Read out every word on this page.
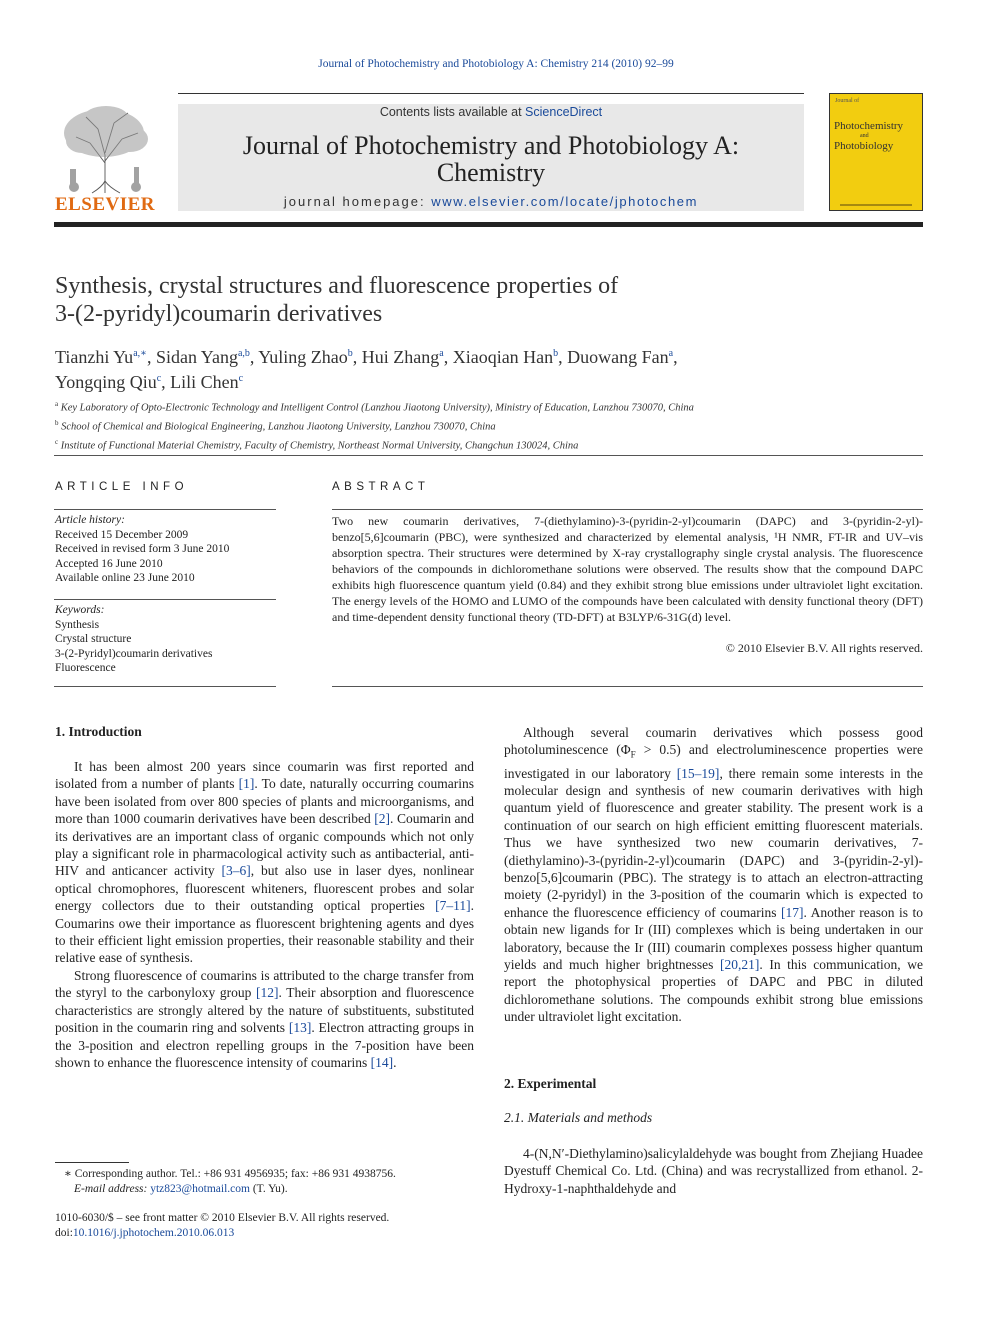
Journal of Photochemistry and Photobiology A: Chemistry 214 (2010) 92–99
ELSEVIER
Contents lists available at ScienceDirect
Journal of Photochemistry and Photobiology A:
Chemistry
journal homepage: www.elsevier.com/locate/jphotochem
Journal of
Photochemistry
and
Photobiology
Synthesis, crystal structures and fluorescence properties of
3-(2-pyridyl)coumarin derivatives
Tianzhi $Yu^{a,∗}$, Sidan Yang$^{a,b}$, Yuling Zhao$^b$, Hui Zhang$^a$, Xiaoqian Han$^b$, Duowang Fan$^a$,
Yongqing Qiu$^c$, Lili Chen$^c$
$^a$ Key Laboratory of Opto-Electronic Technology and Intelligent Control (Lanzhou Jiaotong University), Ministry of Education, Lanzhou 730070, China
$^b$ School of Chemical and Biological Engineering, Lanzhou Jiaotong University, Lanzhou 730070, China
$^c$ Institute of Functional Material Chemistry, Faculty of Chemistry, Northeast Normal University, Changchun 130024, China
ARTICLE INFO	ABSTRACT
Article history:
Received 15 December 2009
Received in revised form 3 June 2010
Accepted 16 June 2010
Available online 23 June 2010
Keywords:
Synthesis
Crystal structure
3-(2-Pyridyl)coumarin derivatives
Fluorescence
Two new coumarin derivatives, 7-(diethylamino)-3-(pyridin-2-yl)coumarin (DAPC) and 3-(pyridin-2-yl)-benzo[5,6]coumarin (PBC), were synthesized and characterized by elemental analysis, ¹H NMR, FT-IR and UV–vis absorption spectra. Their structures were determined by X-ray crystallography single crystal analysis. The fluorescence behaviors of the compounds in dichloromethane solutions were observed. The results show that the compound DAPC exhibits high fluorescence quantum yield (0.84) and they exhibit strong blue emissions under ultraviolet light excitation. The energy levels of the HOMO and LUMO of the compounds have been calculated with density functional theory (DFT) and time-dependent density functional theory (TD-DFT) at B3LYP/6-31G(d) level.
© 2010 Elsevier B.V. All rights reserved.
1. Introduction

It has been almost 200 years since coumarin was first reported and isolated from a number of plants [1]. To date, naturally occurring coumarins have been isolated from over 800 species of plants and microorganisms, and more than 1000 coumarin derivatives have been described [2]. Coumarin and its derivatives are an important class of organic compounds which not only play a significant role in pharmacological activity such as antibacterial, anti-HIV and anticancer activity [3–6], but also use in laser dyes, nonlinear optical chromophores, fluorescent whiteners, fluorescent probes and solar energy collectors due to their outstanding optical properties [7–11]. Coumarins owe their importance as fluorescent brightening agents and dyes to their efficient light emission properties, their reasonable stability and their relative ease of synthesis.

Strong fluorescence of coumarins is attributed to the charge transfer from the styryl to the carbonyloxy group [12]. Their absorption and fluorescence characteristics are strongly altered by the nature of substituents, substituted position in the coumarin ring and solvents [13]. Electron attracting groups in the 3-position and electron repelling groups in the 7-position have been shown to enhance the fluorescence intensity of coumarins [14].

Although several coumarin derivatives which possess good photoluminescence $(\Phi_F > 0.5)$ and electroluminescence properties were investigated in our laboratory [15–19], there remain some interests in the molecular design and synthesis of new coumarin derivatives with high quantum yield of fluorescence and greater stability. The present work is a continuation of our search on high efficient emitting fluorescent materials. Thus we have synthesized two new coumarin derivatives, 7-(diethylamino)-3-(pyridin-2-yl)coumarin (DAPC) and 3-(pyridin-2-yl)-benzo[5,6]coumarin (PBC). The strategy is to attach an electron-attracting moiety (2-pyridyl) in the 3-position of the coumarin which is expected to enhance the fluorescence efficiency of coumarins [17]. Another reason is to obtain new ligands for Ir (III) complexes which is being undertaken in our laboratory, because the Ir (III) coumarin complexes possess higher quantum yields and much higher brightnesses [20,21]. In this communication, we report the photophysical properties of DAPC and PBC in diluted dichloromethane solutions. The compounds exhibit strong blue emissions under ultraviolet light excitation.

2. Experimental
2.1. Materials and methods

4-(N,N′-Diethylamino)salicylaldehyde was bought from Zhejiang Huadee Dyestuff Chemical Co. Ltd. (China) and was recrystallized from ethanol. 2-Hydroxy-1-naphthaldehyde and

∗ Corresponding author. Tel.: +86 931 4956935; fax: +86 931 4938756.
E-mail address: ytz823@hotmail.com (T. Yu).
1010-6030/$ – see front matter © 2010 Elsevier B.V. All rights reserved.
doi:10.1016/j.jphotochem.2010.06.013
